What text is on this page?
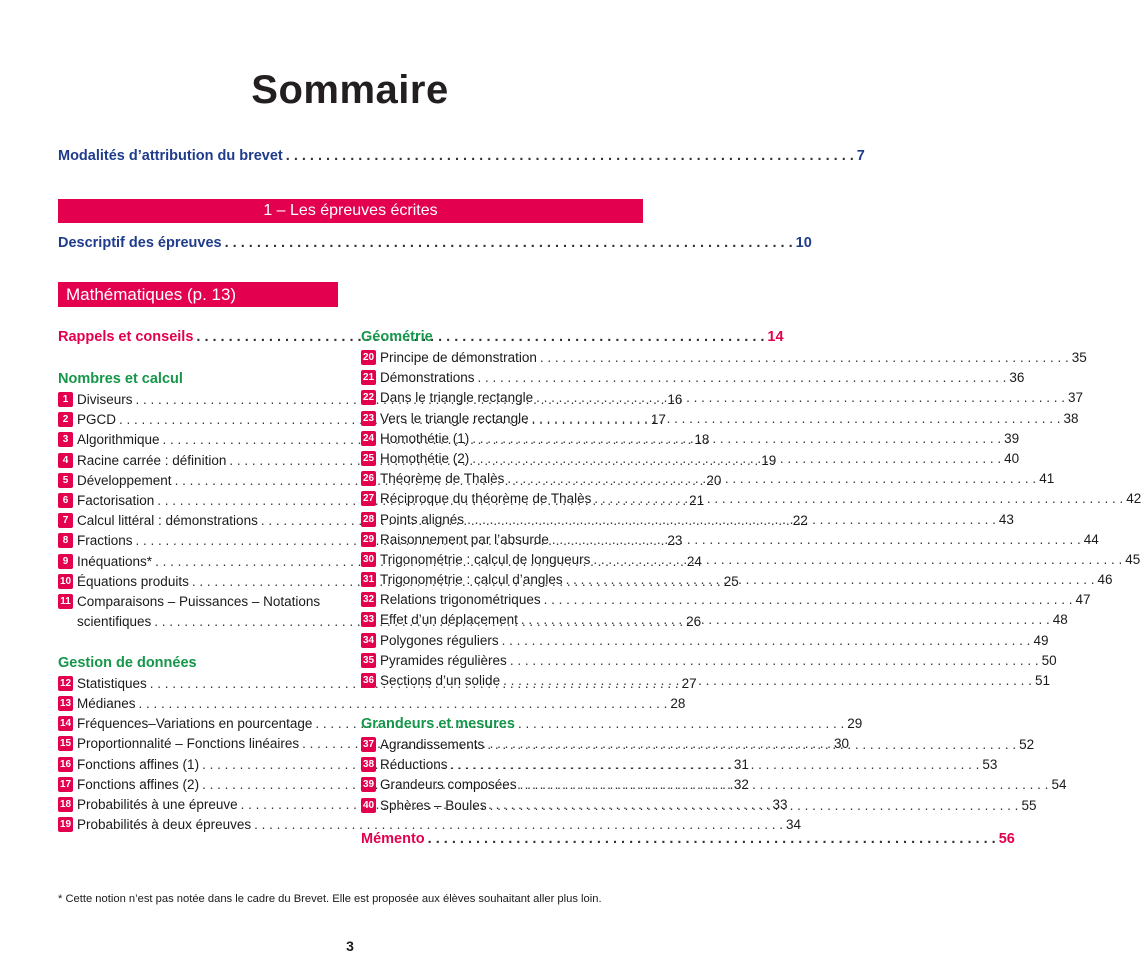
Sommaire
Modalités d’attribution du brevet . . .	7
1 – Les épreuves écrites
Descriptif des épreuves . . .	10
Mathématiques (p. 13)
Rappels et conseils . . .	14
Nombres et calcul
1 Diviseurs . . .	16
2 PGCD . . .	17
3 Algorithmique . . .	18
4 Racine carrée : définition . . .	19
5 Développement . . .	20
6 Factorisation . . .	21
7 Calcul littéral : démonstrations . . .	22
8 Fractions . . .	23
9 Inéquations* . . .	24
10 Équations produits . . .	25
11 Comparaisons – Puissances – Notations
scientifiques . . .	26
Gestion de données
12 Statistiques . . .	27
13 Médianes . . .	28
14 Fréquences–Variations en pourcentage . . .	29
15 Proportionnalité – Fonctions linéaires . . .	30
16 Fonctions affines (1) . . .	31
17 Fonctions affines (2) . . .	32
18 Probabilités à une épreuve . . .	33
19 Probabilités à deux épreuves . . .	34
Géométrie
20 Principe de démonstration . . .	35
21 Démonstrations . . .	36
22 Dans le triangle rectangle . . .	37
23 Vers le triangle rectangle . . .	38
24 Homothétie (1) . . .	39
25 Homothétie (2) . . .	40
26 Théorème de Thalès . . .	41
27 Réciproque du théorème de Thalès . . .	42
28 Points alignés . . .	43
29 Raisonnement par l’absurde . . .	44
30 Trigonométrie : calcul de longueurs . . .	45
31 Trigonométrie : calcul d’angles . . .	46
32 Relations trigonométriques . . .	47
33 Effet d’un déplacement . . .	48
34 Polygones réguliers . . .	49
35 Pyramides régulières . . .	50
36 Sections d’un solide . . .	51
Grandeurs et mesures
37 Agrandissements . . .	52
38 Réductions . . .	53
39 Grandeurs composées . . .	54
40 Sphères – Boules . . .	55
Mémento . . .	56
* Cette notion n’est pas notée dans le cadre du Brevet. Elle est proposée aux élèves souhaitant aller plus loin.
3
